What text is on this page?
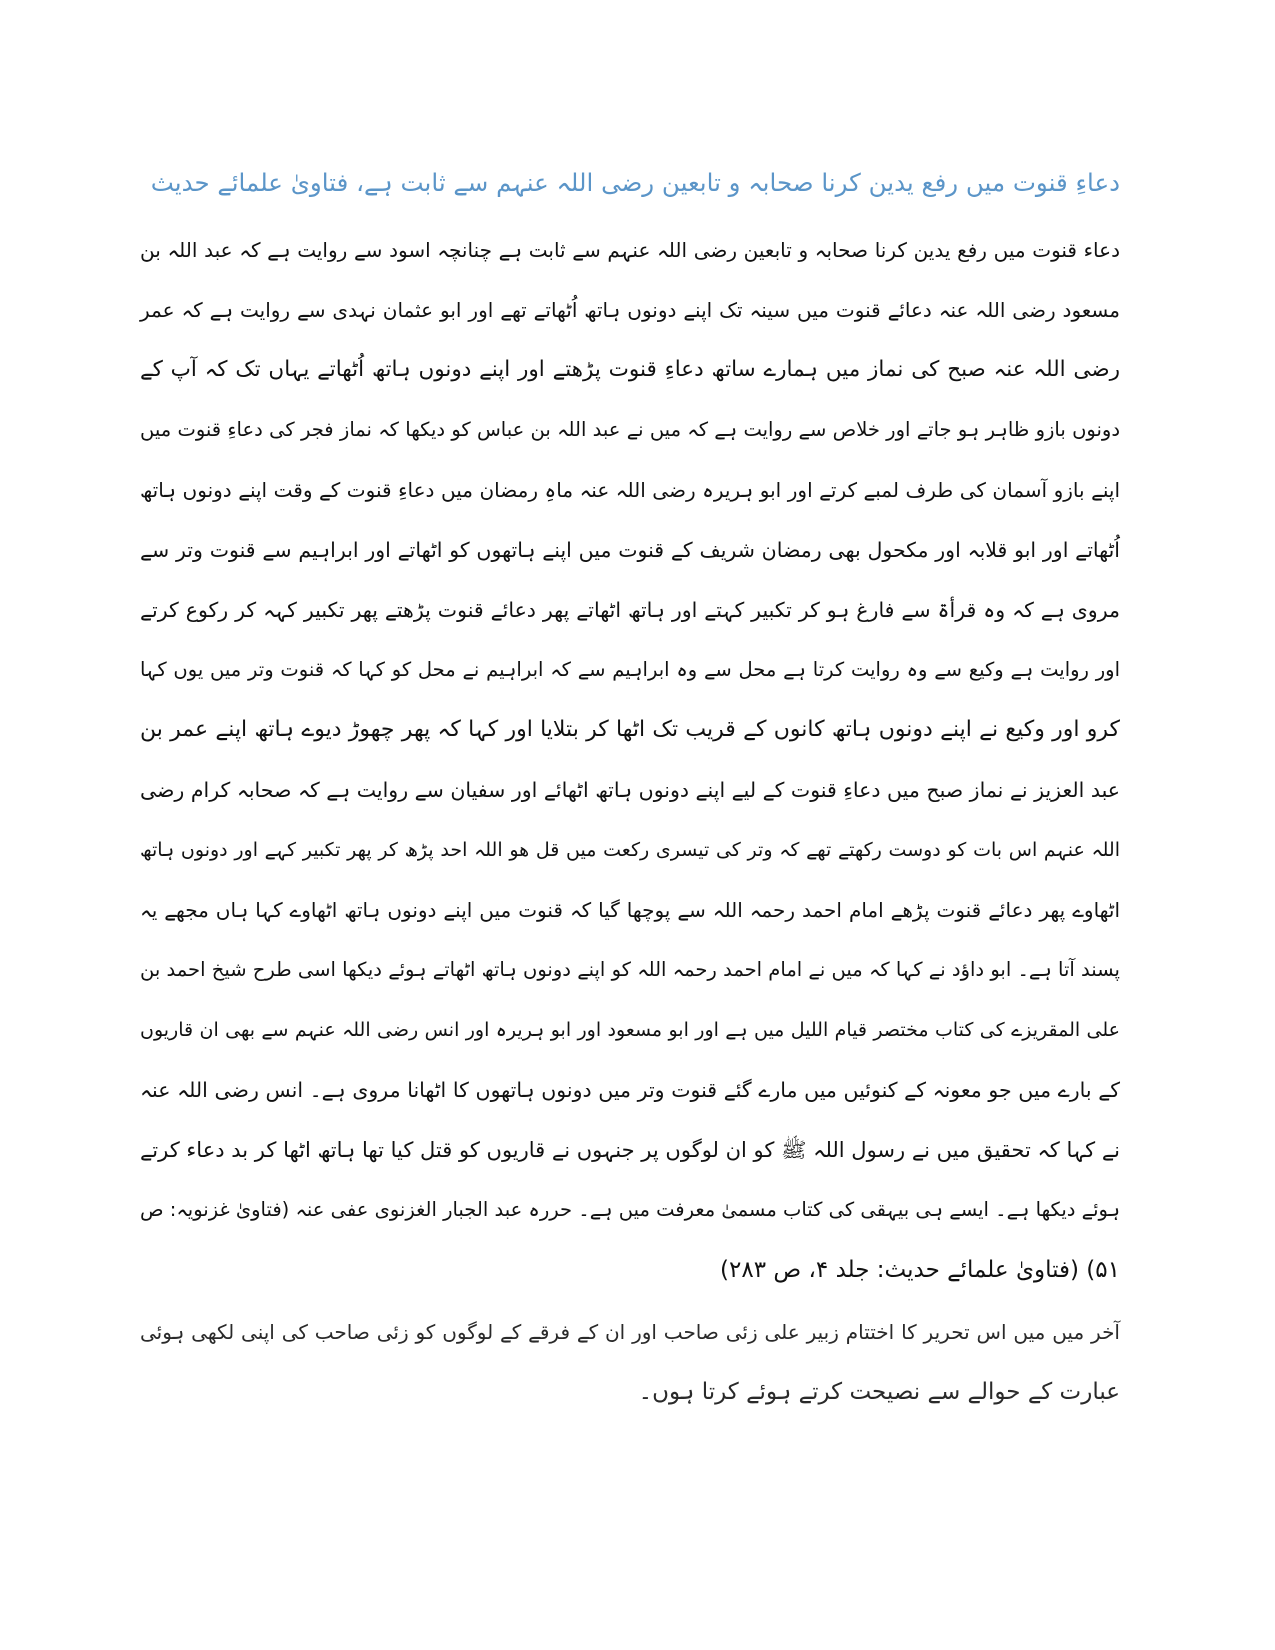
دعاءِ قنوت میں رفع یدین کرنا صحابہ و تابعین رضی اللہ عنہم سے ثابت ہے، فتاویٰ علمائے حدیث
دعاء قنوت میں رفع یدین کرنا صحابہ و تابعین رضی اللہ عنہم سے ثابت ہے چنانچہ اسود سے روایت ہے کہ عبد اللہ بن
مسعود رضی اللہ عنہ دعائے قنوت میں سینہ تک اپنے دونوں ہاتھ اُٹھاتے تھے اور ابو عثمان نہدی سے روایت ہے کہ عمر
رضی اللہ عنہ صبح کی نماز میں ہمارے ساتھ دعاءِ قنوت پڑھتے اور اپنے دونوں ہاتھ اُٹھاتے یہاں تک کہ آپ کے
دونوں بازو ظاہر ہو جاتے اور خلاص سے روایت ہے کہ میں نے عبد اللہ بن عباس کو دیکھا کہ نماز فجر کی دعاءِ قنوت میں
اپنے بازو آسمان کی طرف لمبے کرتے اور ابو ہریرہ رضی اللہ عنہ ماہِ رمضان میں دعاءِ قنوت کے وقت اپنے دونوں ہاتھ
اُٹھاتے اور ابو قلابہ اور مکحول بھی رمضان شریف کے قنوت میں اپنے ہاتھوں کو اٹھاتے اور ابراہیم سے قنوت وتر سے
مروی ہے کہ وہ قرأۃ سے فارغ ہو کر تکبیر کہتے اور ہاتھ اٹھاتے پھر دعائے قنوت پڑھتے پھر تکبیر کہہ کر رکوع کرتے
اور روایت ہے وکیع سے وہ روایت کرتا ہے محل سے وہ ابراہیم سے کہ ابراہیم نے محل کو کہا کہ قنوت وتر میں یوں کہا
کرو اور وکیع نے اپنے دونوں ہاتھ کانوں کے قریب تک اٹھا کر بتلایا اور کہا کہ پھر چھوڑ دیوے ہاتھ اپنے عمر بن
عبد العزیز نے نماز صبح میں دعاءِ قنوت کے لیے اپنے دونوں ہاتھ اٹھائے اور سفیان سے روایت ہے کہ صحابہ کرام رضی
اللہ عنہم اس بات کو دوست رکھتے تھے کہ وتر کی تیسری رکعت میں قل ھو اللہ احد پڑھ کر پھر تکبیر کہے اور دونوں ہاتھ
اٹھاوے پھر دعائے قنوت پڑھے امام احمد رحمہ اللہ سے پوچھا گیا کہ قنوت میں اپنے دونوں ہاتھ اٹھاوے کہا ہاں مجھے یہ
پسند آتا ہے۔ ابو داؤد نے کہا کہ میں نے امام احمد رحمہ اللہ کو اپنے دونوں ہاتھ اٹھاتے ہوئے دیکھا اسی طرح شیخ احمد بن
علی المقریزے کی کتاب مختصر قیام اللیل میں ہے اور ابو مسعود اور ابو ہریرہ اور انس رضی اللہ عنہم سے بھی ان قاریوں
کے بارے میں جو معونہ کے کنوئیں میں مارے گئے قنوت وتر میں دونوں ہاتھوں کا اٹھانا مروی ہے۔ انس رضی اللہ عنہ
نے کہا کہ تحقیق میں نے رسول اللہ ﷺ کو ان لوگوں پر جنہوں نے قاریوں کو قتل کیا تھا ہاتھ اٹھا کر بد دعاء کرتے
ہوئے دیکھا ہے۔ ایسے ہی بیہقی کی کتاب مسمیٰ معرفت میں ہے۔ حررہ عبد الجبار الغزنوی عفی عنہ (فتاویٰ غزنویہ: ص
۵۱) (فتاویٰ علمائے حدیث: جلد ۴، ص ۲۸۳)
آخر میں میں اس تحریر کا اختتام زبیر علی زئی صاحب اور ان کے فرقے کے لوگوں کو زئی صاحب کی اپنی لکھی ہوئی
عبارت کے حوالے سے نصیحت کرتے ہوئے کرتا ہوں۔
